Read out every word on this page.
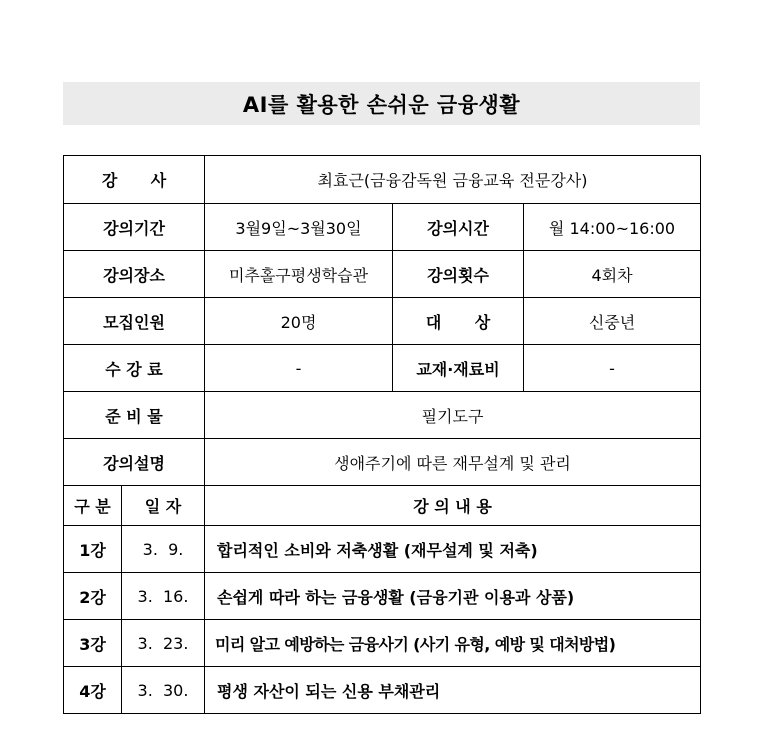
AI를 활용한 손쉬운 금융생활
강      사		최효근(금융감독원 금융교육 전문강사)		
강의기간		3월9일~3월30일	강의시간	월 14:00~16:00
강의장소		미추홀구평생학습관	강의횟수	4회차
모집인원		20명	대      상	신중년
수 강 료		-	교재·재료비	-
준 비 물		필기도구		
강의설명		생애주기에 따른 재무설계 및 관리		
구 분	일 자	강 의 내 용		
1강	3.  9.	합리적인 소비와 저축생활 (재무설계 및 저축)		
2강	3.  16.	손쉽게 따라 하는 금융생활 (금융기관 이용과 상품)		
3강	3.  23.	미리 알고 예방하는 금융사기 (사기 유형, 예방 및 대처방법)		
4강	3.  30.	평생 자산이 되는 신용 부채관리		
